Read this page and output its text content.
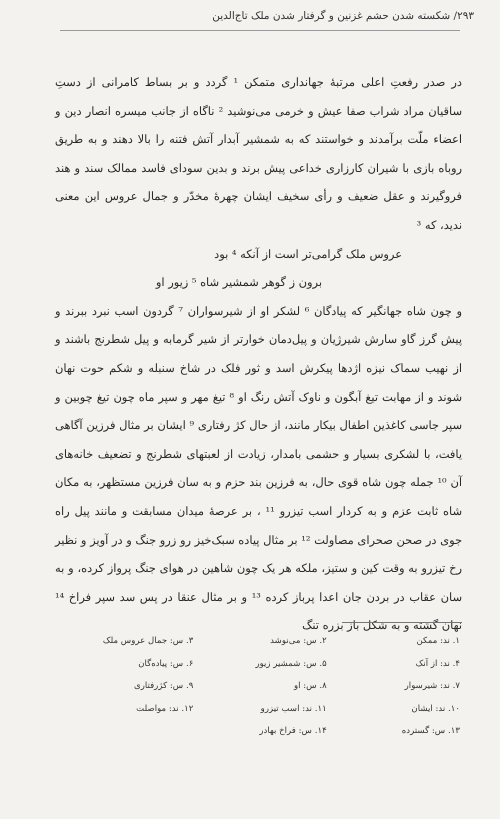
۲۹۳/ شکسته شدن حشم غزنین و گرفتار شدن ملک تاج‌الدین

در صدر رفعتِ اعلی مرتبهٔ جهانداری متمکن ¹ گردد و بر بساط کامرانی از دستِ ساقیان مراد شراب صفا عیش و خرمی می‌نوشید ² ناگاه از جانب میسره انصار دین و اعضاء ملّت برآمدند و خواستند که به شمشیر آبدار آتش فتنه را بالا دهند و به طریق روباه بازی با شیران کارزاری خداعی پیش برند و بدین سودای فاسد ممالک سند و هند فروگیرند و عقل ضعیف و رأی سخیف ایشان چهرهٔ مخدّر و جمال عروس این معنی ندید، که ³

عروس ملک گرامی‌تر است از آنکه ⁴ بود
برون ز گوهر شمشیر شاه ⁵ زیور او

و چون شاه جهانگیر که پیادگان ⁶ لشکر او از شیرسواران ⁷ گردون اسب نبرد ببرند و پیش گرز گاو سارش شیرژیان و پیل‌دمان خوارتر از شیر گرمابه و پیل شطرنج باشند و از نهیب سماک نیزه اژدها پیکرش اسد و ثور فلک در شاخ سنبله و شکم حوت نهان شوند و از مهابت تیغ آبگون و ناوک آتش رنگ او ⁸ تیغ مهر و سپر ماه چون تیغ چوبین و سپر جاسی کاغذین اطفال بیکار مانند، از حال کژ رفتاری ⁹ ایشان بر مثال فرزین آگاهی یافت، با لشکری بسیار و حشمی بامدار، زیادت از لعبتهای شطرنج و تضعیف خانه‌های آن ¹⁰ جمله چون شاه قوی حال، به فرزین بند حزم و به سان فرزین مستظهر، به مکان شاه ثابت عزم و به کردار اسب تیزرو ¹¹ ، بر عرصهٔ میدان مسابقت و مانند پیل راه جوی در صحن صحرای مصاولت ¹² بر مثال پیاده سبک‌خیز رو زرو جنگ و در آویز و نظیر رخ تیزرو به وقت کین و ستیز، ملکه هر یک چون شاهین در هوای جنگ پرواز کرده، و به سان عقاب در بردن جان اعدا پرباز کرده ¹³ و بر مثال عنقا در پس سد سپر فراخ ¹⁴ نهان گشته و به شکل باز بزره تنگ

۱. ند: ممکن
۲. س: می‌نوشد
۳. س: جمال عروس ملک
۴. ند: از آنک
۵. س: شمشیر زیور
۶. س: پیاده‌گان
۷. ند: شیرسوار
۸. س: او
۹. س: کژرفتاری
۱۰. ند: ایشان
۱۱. ند: اسب تیزرو
۱۲. ند: مواصلت
۱۳. س: گسترده
۱۴. س: فراخ بهادر
